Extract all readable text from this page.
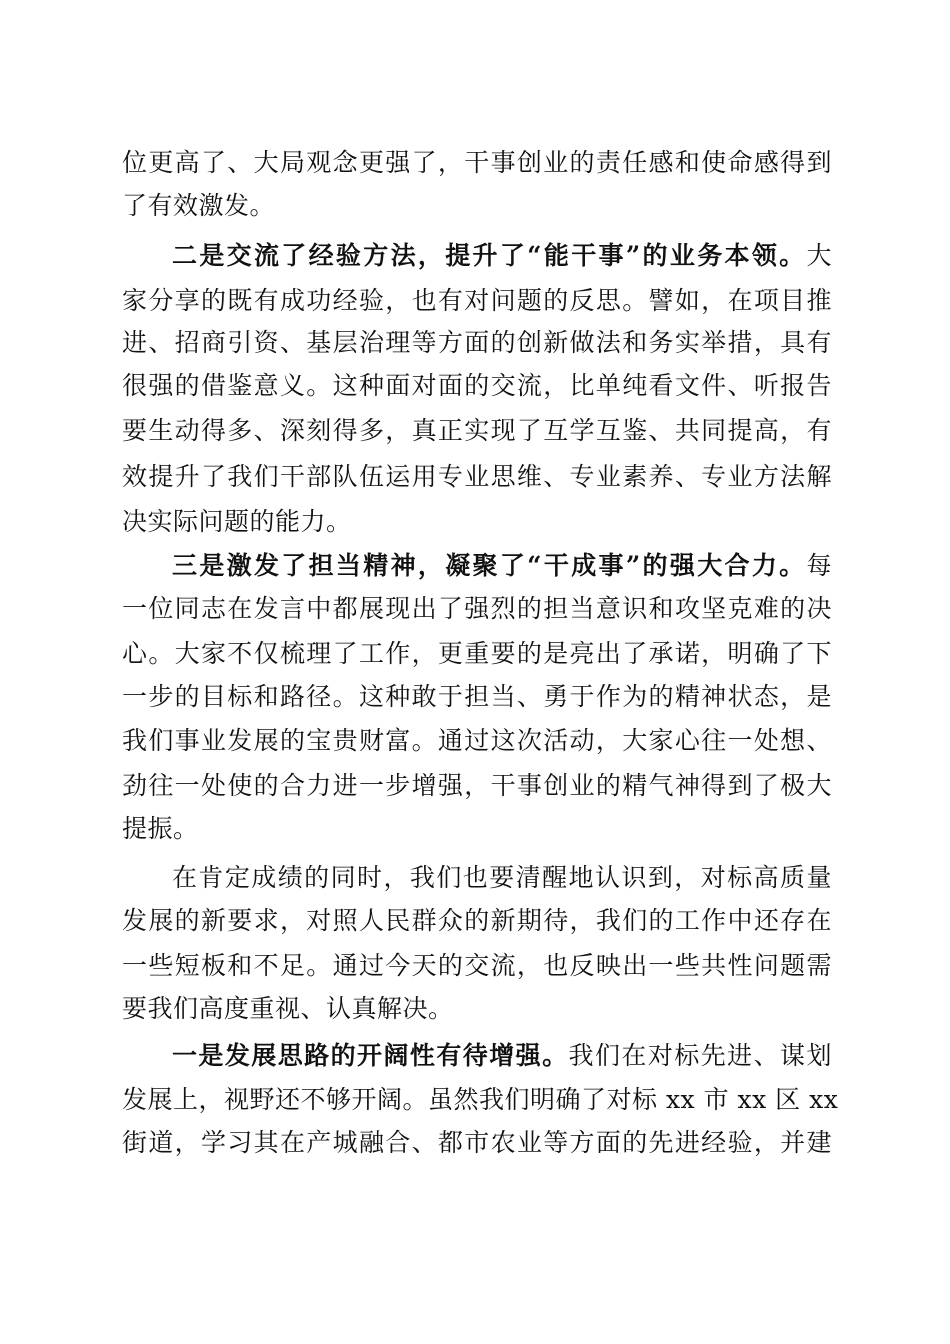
位更高了、大局观念更强了，干事创业的责任感和使命感得到
了有效激发。
二是交流了经验方法，提升了“能干事”的业务本领。大
家分享的既有成功经验，也有对问题的反思。譬如，在项目推
进、招商引资、基层治理等方面的创新做法和务实举措，具有
很强的借鉴意义。这种面对面的交流，比单纯看文件、听报告
要生动得多、深刻得多，真正实现了互学互鉴、共同提高，有
效提升了我们干部队伍运用专业思维、专业素养、专业方法解
决实际问题的能力。
三是激发了担当精神，凝聚了“干成事”的强大合力。每
一位同志在发言中都展现出了强烈的担当意识和攻坚克难的决
心。大家不仅梳理了工作，更重要的是亮出了承诺，明确了下
一步的目标和路径。这种敢于担当、勇于作为的精神状态，是
我们事业发展的宝贵财富。通过这次活动，大家心往一处想、
劲往一处使的合力进一步增强，干事创业的精气神得到了极大
提振。
在肯定成绩的同时，我们也要清醒地认识到，对标高质量
发展的新要求，对照人民群众的新期待，我们的工作中还存在
一些短板和不足。通过今天的交流，也反映出一些共性问题需
要我们高度重视、认真解决。
一是发展思路的开阔性有待增强。我们在对标先进、谋划
发展上，视野还不够开阔。虽然我们明确了对标 xx 市 xx 区 xx
街道，学习其在产城融合、都市农业等方面的先进经验，并建
